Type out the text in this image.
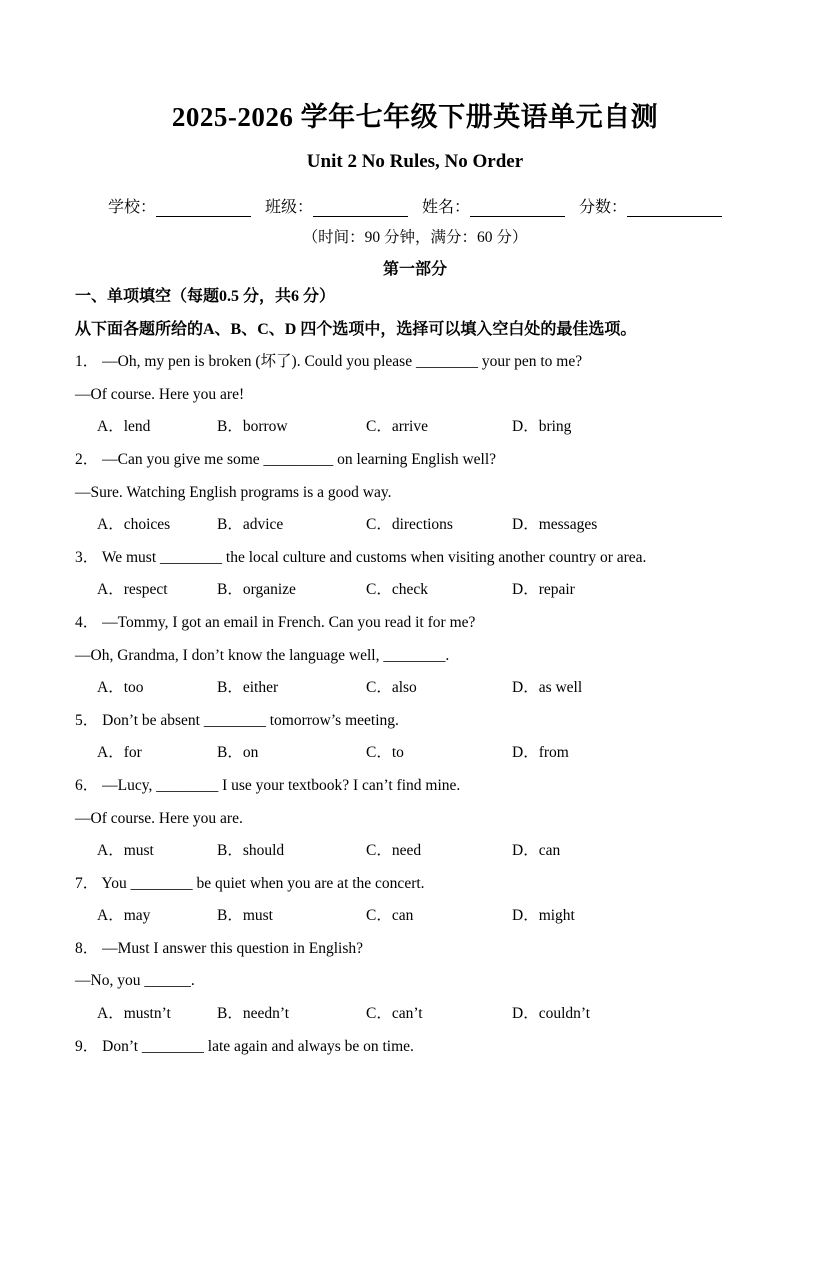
2025-2026 学年七年级下册英语单元自测
Unit 2 No Rules, No Order
学校：	班级：	姓名：	分数：

（时间：90 分钟，满分：60 分）

第一部分

一、单项填空（每题0.5 分，共6 分）

从下面各题所给的A、B、C、D 四个选项中，选择可以填入空白处的最佳选项。

1． —Oh, my pen is broken (坏了). Could you please ________ your pen to me?

—Of course. Here you are!

A．lend	B．borrow	C．arrive	D．bring

2． —Can you give me some _________ on learning English well?

—Sure. Watching English programs is a good way.

A．choices	B．advice	C．directions	D．messages

3． We must ________ the local culture and customs when visiting another country or area.

A．respect	B．organize	C．check	D．repair

4． —Tommy, I got an email in French. Can you read it for me?

—Oh, Grandma, I don’t know the language well, ________.

A．too	B．either	C．also	D．as well

5． Don’t be absent ________ tomorrow’s meeting.

A．for	B．on	C．to	D．from

6． —Lucy, ________ I use your textbook? I can’t find mine.

—Of course. Here you are.

A．must	B．should	C．need	D．can

7． You ________ be quiet when you are at the concert.

A．may	B．must	C．can	D．might

8． —Must I answer this question in English?

—No, you ______.

A．mustn’t	B．needn’t	C．can’t	D．couldn’t

9． Don’t ________ late again and always be on time.
